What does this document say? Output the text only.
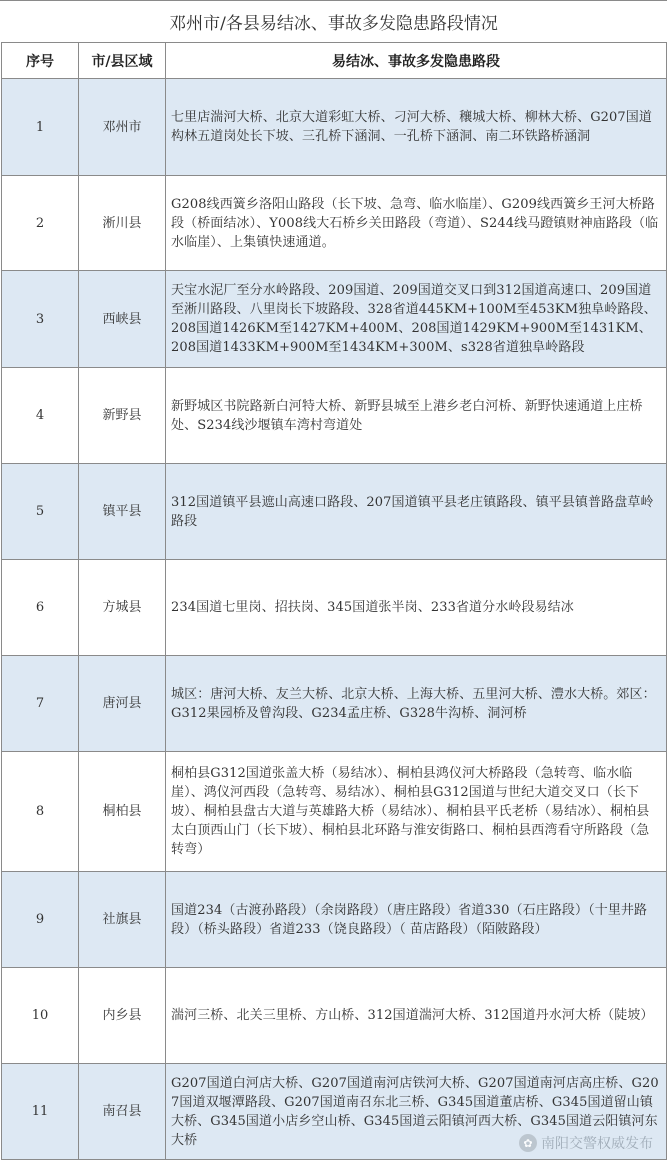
邓州市/各县易结冰、事故多发隐患路段情况
序号	市/县区域	易结冰、事故多发隐患路段
1	邓州市	七里店湍河大桥、北京大道彩虹大桥、刁河大桥、穰城大桥、柳林大桥、G207国道构林五道岗处长下坡、三孔桥下涵洞、一孔桥下涵洞、南二环铁路桥涵洞
2	淅川县	G208线西簧乡洛阳山路段（长下坡、急弯、临水临崖）、G209线西簧乡王河大桥路段（桥面结冰）、Y008线大石桥乡关田路段（弯道）、S244线马蹬镇财神庙路段（临水临崖）、上集镇快速通道。
3	西峡县	天宝水泥厂至分水岭路段、209国道、209国道交叉口到312国道高速口、209国道至淅川路段、八里岗长下坡路段、328省道445KM+100M至453KM独阜岭路段、208国道1426KM至1427KM+400M、208国道1429KM+900M至1431KM、208国道1433KM+900M至1434KM+300M、s328省道独阜岭路段
4	新野县	新野城区书院路新白河特大桥、新野县城至上港乡老白河桥、新野快速通道上庄桥处、S234线沙堰镇车湾村弯道处
5	镇平县	312国道镇平县遮山高速口路段、207国道镇平县老庄镇路段、镇平县镇普路盘草岭路段
6	方城县	234国道七里岗、招扶岗、345国道张半岗、233省道分水岭段易结冰
7	唐河县	城区：唐河大桥、友兰大桥、北京大桥、上海大桥、五里河大桥、澧水大桥。郊区：G312果园桥及曾沟段、G234孟庄桥、G328牛沟桥、洞河桥
8	桐柏县	桐柏县G312国道张盖大桥（易结冰）、桐柏县鸿仪河大桥路段（急转弯、临水临崖）、鸿仪河西段（急转弯、易结冰）、桐柏县G312国道与世纪大道交叉口（长下坡）、桐柏县盘古大道与英雄路大桥（易结冰）、桐柏县平氏老桥（易结冰）、桐柏县太白顶西山门（长下坡）、桐柏县北环路与淮安街路口、桐柏县西湾看守所路段（急转弯）
9	社旗县	国道234（古渡孙路段）（余岗路段）（唐庄路段）省道330（石庄路段）（十里井路段）（桥头路段）省道233（饶良路段）（ 苗店路段）（陌陂路段）
10	内乡县	湍河三桥、北关三里桥、方山桥、312国道湍河大桥、312国道丹水河大桥（陡坡）
11	南召县	G207国道白河店大桥、G207国道南河店铁河大桥、G207国道南河店高庄桥、G207国道双堰潭路段、G207国道南召东北三桥、G345国道董店桥、G345国道留山镇大桥、G345国道小店乡空山桥、G345国道云阳镇河西大桥、G345国道云阳镇河东大桥	✿ 南阳交警权威发布
